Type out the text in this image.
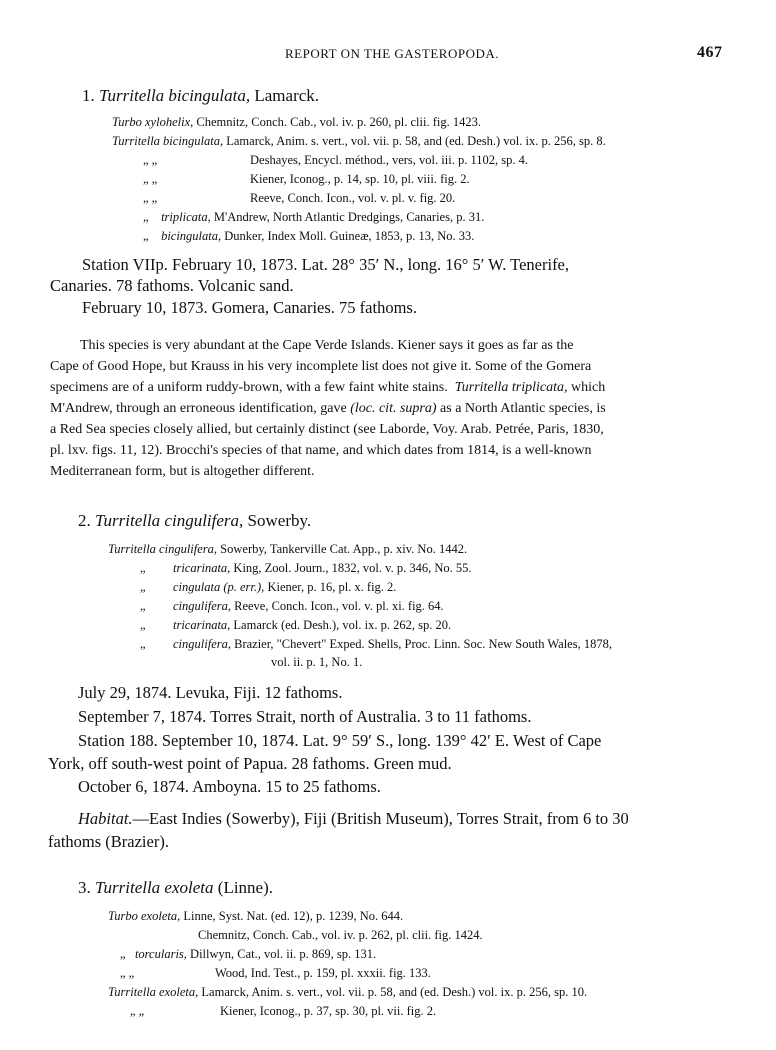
REPORT ON THE GASTEROPODA.	467
1. Turritella bicingulata, Lamarck.
Turbo xylohelix, Chemnitz, Conch. Cab., vol. iv. p. 260, pl. clii. fig. 1423.
Turritella bicingulata, Lamarck, Anim. s. vert., vol. vii. p. 58, and (ed. Desh.) vol. ix. p. 256, sp. 8.
„ „	Deshayes, Encycl. méthod., vers, vol. iii. p. 1102, sp. 4.
„ „	Kiener, Iconog., p. 14, sp. 10, pl. viii. fig. 2.
„ „	Reeve, Conch. Icon., vol. v. pl. v. fig. 20.
„ triplicata, M'Andrew, North Atlantic Dredgings, Canaries, p. 31.
„ bicingulata, Dunker, Index Moll. Guineæ, 1853, p. 13, No. 33.
Station VIIp. February 10, 1873. Lat. 28° 35′ N., long. 16° 5′ W. Tenerife,
Canaries. 78 fathoms. Volcanic sand.
February 10, 1873. Gomera, Canaries. 75 fathoms.
This species is very abundant at the Cape Verde Islands. Kiener says it goes as far as the
Cape of Good Hope, but Krauss in his very incomplete list does not give it. Some of the Gomera
specimens are of a uniform ruddy-brown, with a few faint white stains. Turritella triplicata, which
M'Andrew, through an erroneous identification, gave (loc. cit. supra) as a North Atlantic species, is
a Red Sea species closely allied, but certainly distinct (see Laborde, Voy. Arab. Petrée, Paris, 1830,
pl. lxv. figs. 11, 12). Brocchi's species of that name, and which dates from 1814, is a well-known
Mediterranean form, but is altogether different.
2. Turritella cingulifera, Sowerby.
Turritella cingulifera, Sowerby, Tankerville Cat. App., p. xiv. No. 1442.
„ tricarinata, King, Zool. Journ., 1832, vol. v. p. 346, No. 55.
„ cingulata (p. err.), Kiener, p. 16, pl. x. fig. 2.
„ cingulifera, Reeve, Conch. Icon., vol. v. pl. xi. fig. 64.
„ tricarinata, Lamarck (ed. Desh.), vol. ix. p. 262, sp. 20.
„ cingulifera, Brazier, "Chevert" Exped. Shells, Proc. Linn. Soc. New South Wales, 1878,
vol. ii. p. 1, No. 1.
July 29, 1874. Levuka, Fiji. 12 fathoms.
September 7, 1874. Torres Strait, north of Australia. 3 to 11 fathoms.
Station 188. September 10, 1874. Lat. 9° 59′ S., long. 139° 42′ E. West of Cape
York, off south-west point of Papua. 28 fathoms. Green mud.
October 6, 1874. Amboyna. 15 to 25 fathoms.
Habitat.—East Indies (Sowerby), Fiji (British Museum), Torres Strait, from 6 to 30
fathoms (Brazier).
3. Turritella exoleta (Linne).
Turbo exoleta, Linne, Syst. Nat. (ed. 12), p. 1239, No. 644.
Chemnitz, Conch. Cab., vol. iv. p. 262, pl. clii. fig. 1424.
„ torcularis, Dillwyn, Cat., vol. ii. p. 869, sp. 131.
„ „	Wood, Ind. Test., p. 159, pl. xxxii. fig. 133.
Turritella exoleta, Lamarck, Anim. s. vert., vol. vii. p. 58, and (ed. Desh.) vol. ix. p. 256, sp. 10.
„ „	Kiener, Iconog., p. 37, sp. 30, pl. vii. fig. 2.
